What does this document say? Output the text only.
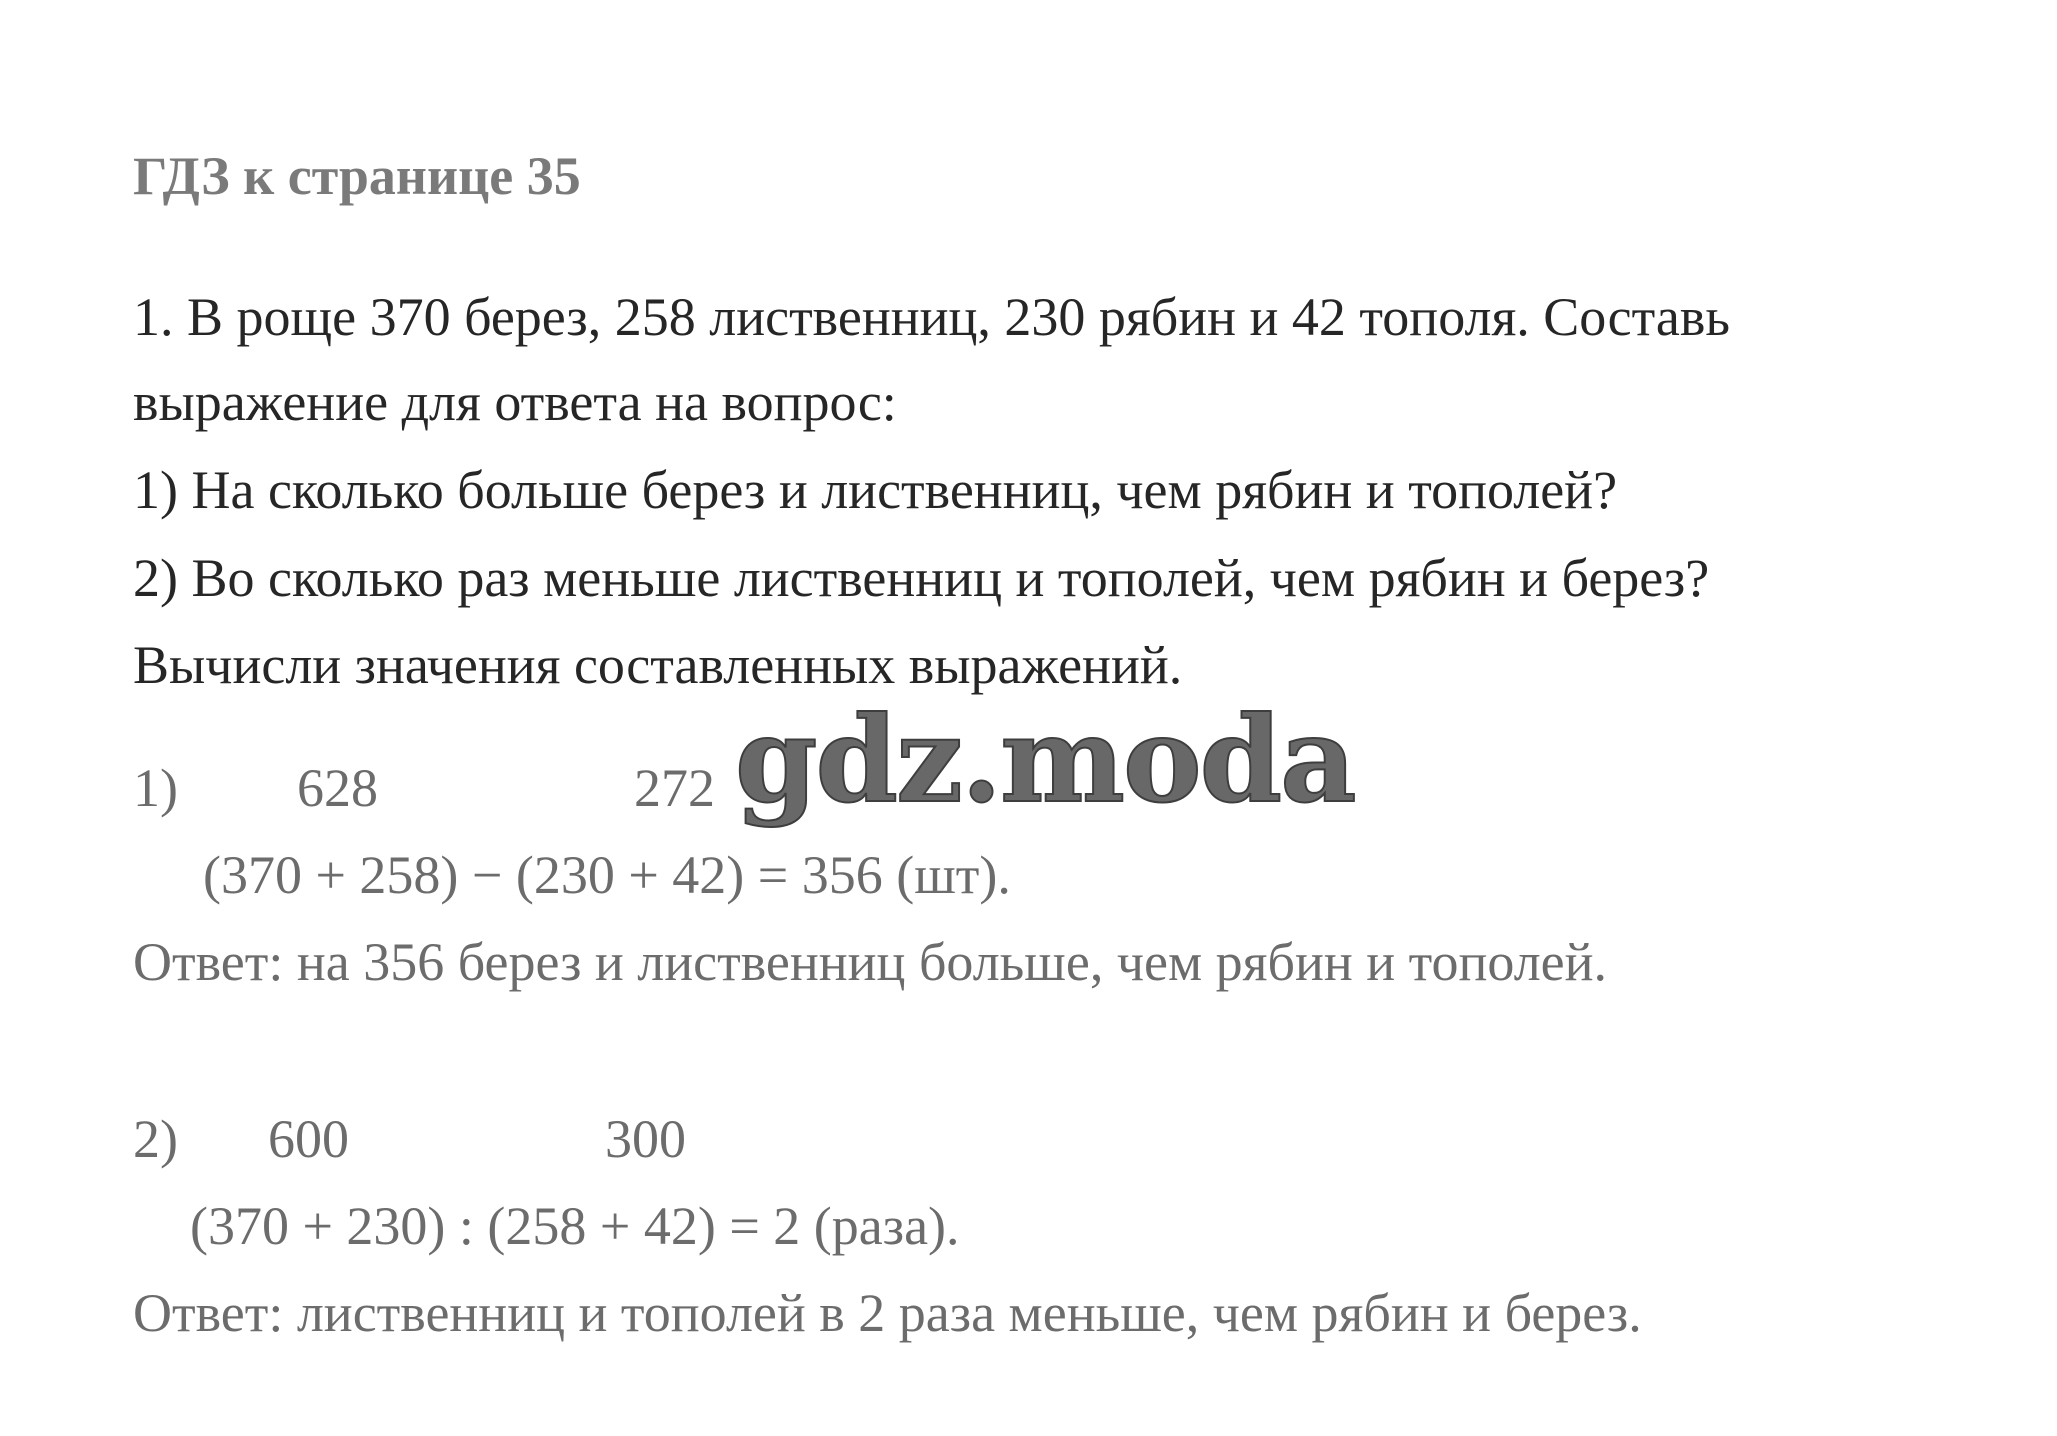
ГДЗ к странице 35

1. В роще 370 берез, 258 лиственниц, 230 рябин и 42 тополя. Составь

выражение для ответа на вопрос:

1) На сколько больше берез и лиственниц, чем рябин и тополей?

2) Во сколько раз меньше лиственниц и тополей, чем рябин и берез?

Вычисли значения составленных выражений.

1) 628	272
(370 + 258) − (230 + 42) = 356 (шт).

Ответ: на 356 берез и лиственниц больше, чем рябин и тополей.

2) 600	300
(370 + 230) : (258 + 42) = 2 (раза).

Ответ: лиственниц и тополей в 2 раза меньше, чем рябин и берез.

gdz.moda
